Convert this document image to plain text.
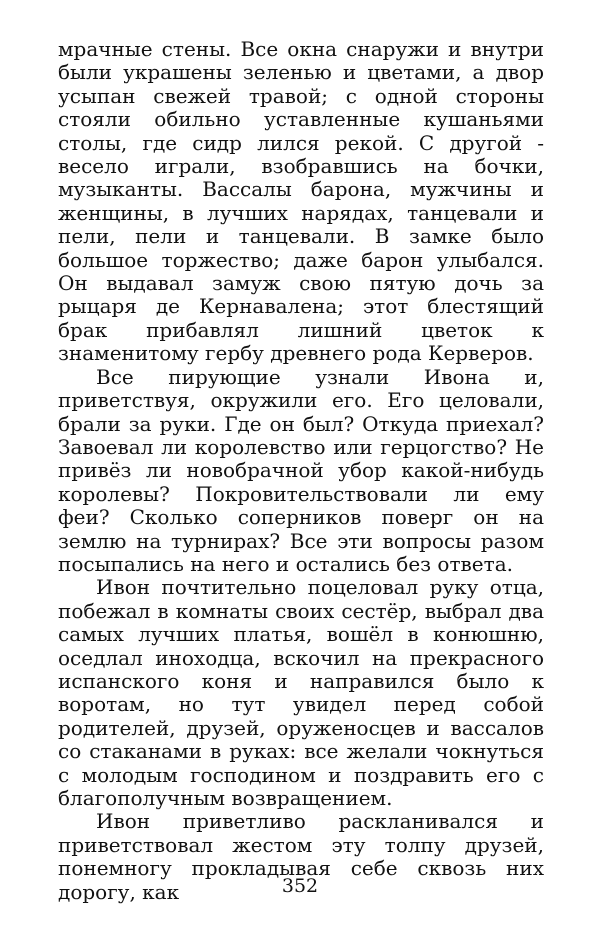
мрачные стены. Все окна снаружи и внутри были украшены зеленью и цветами, а двор усыпан свежей травой; с одной стороны стояли обильно уставленные кушаньями столы, где сидр лился рекой. С другой - весело играли, взобравшись на бочки, музыканты. Вассалы барона, мужчины и женщины, в лучших нарядах, танцевали и пели, пели и танцевали. В замке было большое торжество; даже барон улыбался. Он выдавал замуж свою пятую дочь за рыцаря де Кернавалена; этот блестящий брак прибавлял лишний цветок к знаменитому гербу древнего рода Керверов.

Все пирующие узнали Ивона и, приветствуя, окружили его. Его целовали, брали за руки. Где он был? Откуда приехал? Завоевал ли королевство или герцогство? Не привёз ли новобрачной убор какой-нибудь королевы? Покровительствовали ли ему феи? Сколько соперников поверг он на землю на турнирах? Все эти вопросы разом посыпались на него и остались без ответа.

Ивон почтительно поцеловал руку отца, побежал в комнаты своих сестёр, выбрал два самых лучших платья, вошёл в конюшню, оседлал иноходца, вскочил на прекрасного испанского коня и направился было к воротам, но тут увидел перед собой родителей, друзей, оруженосцев и вассалов со стаканами в руках: все желали чокнуться с молодым господином и поздравить его с благополучным возвращением.

Ивон приветливо раскланивался и приветствовал жестом эту толпу друзей, понемногу прокладывая себе сквозь них дорогу, как	352
